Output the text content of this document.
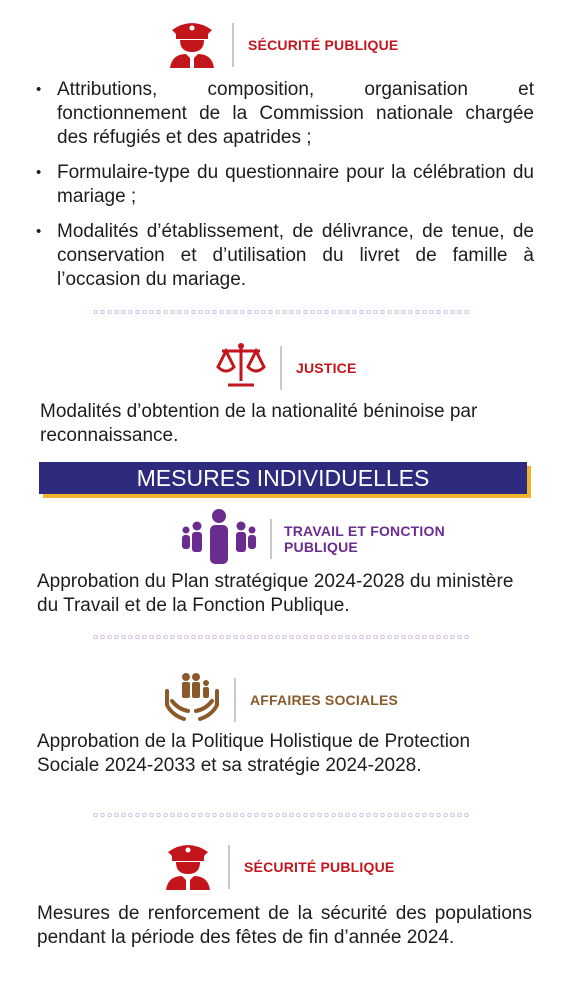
SÉCURITÉ PUBLIQUE
• Attributions, composition, organisation et fonctionnement de la Commission nationale chargée des réfugiés et des apatrides ;
• Formulaire-type du questionnaire pour la célébration du mariage ;
• Modalités d’établissement, de délivrance, de tenue, de conservation et d’utilisation du livret de famille à l’occasion du mariage.
JUSTICE
Modalités d’obtention de la nationalité béninoise par reconnaissance.
MESURES INDIVIDUELLES
TRAVAIL ET FONCTION
PUBLIQUE
Approbation du Plan stratégique 2024-2028 du ministère du Travail et de la Fonction Publique.
AFFAIRES SOCIALES
Approbation de la Politique Holistique de Protection Sociale 2024-2033 et sa stratégie 2024-2028.
SÉCURITÉ PUBLIQUE
Mesures de renforcement de la sécurité des populations pendant la période des fêtes de fin d’année 2024.
